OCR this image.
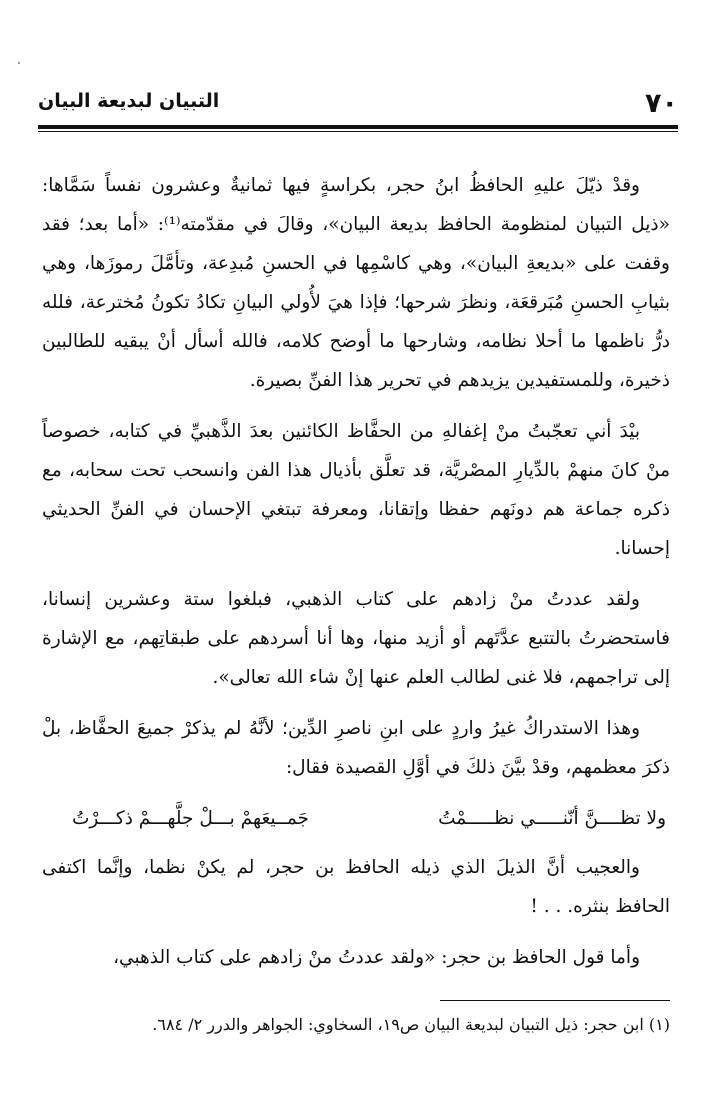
٧٠
التبيان لبديعة البيان

وقدْ ذيّلَ عليهِ الحافظُ ابنُ حجر، بكراسةٍ فيها ثمانيةٌ وعشرون نفساً سَمَّاها: «ذيل التبيان لمنظومة الحافظ بديعة البيان»، وقالَ في مقدّمته⁽¹⁾: «أما بعد؛ فقد وقفت على «بديعةِ البيان»، وهي كاسْمِها في الحسنِ مُبدِعة، وتأمَّلَ رموزَها، وهي بثيابِ الحسنِ مُبَرقعَة، ونظرَ شرحها؛ فإذا هيَ لأُولي البيانِ تكادُ تكونُ مُخترعة، فلله درُّ ناظمها ما أحلا نظامه، وشارحها ما أوضح كلامه، فالله أسأل أنْ يبقيه للطالبين ذخيرة، وللمستفيدين يزيدهم في تحرير هذا الفنِّ بصيرة.

بيْدَ أني تعجّبتُ منْ إغفالهِ من الحفَّاظ الكائنين بعدَ الذَّهبيِّ في كتابه، خصوصاً منْ كانَ منهمْ بالدِّيارِ المصْريَّة، قد تعلَّق بأذيال هذا الفن وانسحب تحت سحابه، مع ذكره جماعة هم دونَهم حفظا وإتقانا، ومعرفة تبتغي الإحسان في الفنِّ الحديثي إحسانا.

ولقد عددتُ منْ زادهم على كتاب الذهبي، فبلغوا ستة وعشرين إنسانا، فاستحضرتُ بالتتبع عدَّتَهم أو أزيد منها، وها أنا أسردهم على طبقاتِهم، مع الإشارة إلى تراجمهم، فلا غنى لطالب العلم عنها إنْ شاء الله تعالى».

وهذا الاستدراكُ غيرُ واردٍ على ابنِ ناصرِ الدِّين؛ لأنَّهُ لم يذكرْ جميعَ الحفَّاظ، بلْ ذكرَ معظمهم، وقدْ بيَّنَ ذلكَ في أوَّلِ القصيدة فقال:

ولا تظــــنَّ أنّنـــــي نظـــــمْتُ
جَمــيعَهمْ بـــلْ جلَّهـــمْ ذكـــرْتُ

والعجيب أنَّ الذيلَ الذي ذيله الحافظ بن حجر، لم يكنْ نظما، وإنَّما اكتفى الحافظ بنثره. . . !

وأما قول الحافظ بن حجر: «ولقد عددتُ منْ زادهم على كتاب الذهبي،

(١) ابن حجر: ذيل التبيان لبديعة البيان ص١٩، السخاوي: الجواهر والدرر ٢/ ٦٨٤.
